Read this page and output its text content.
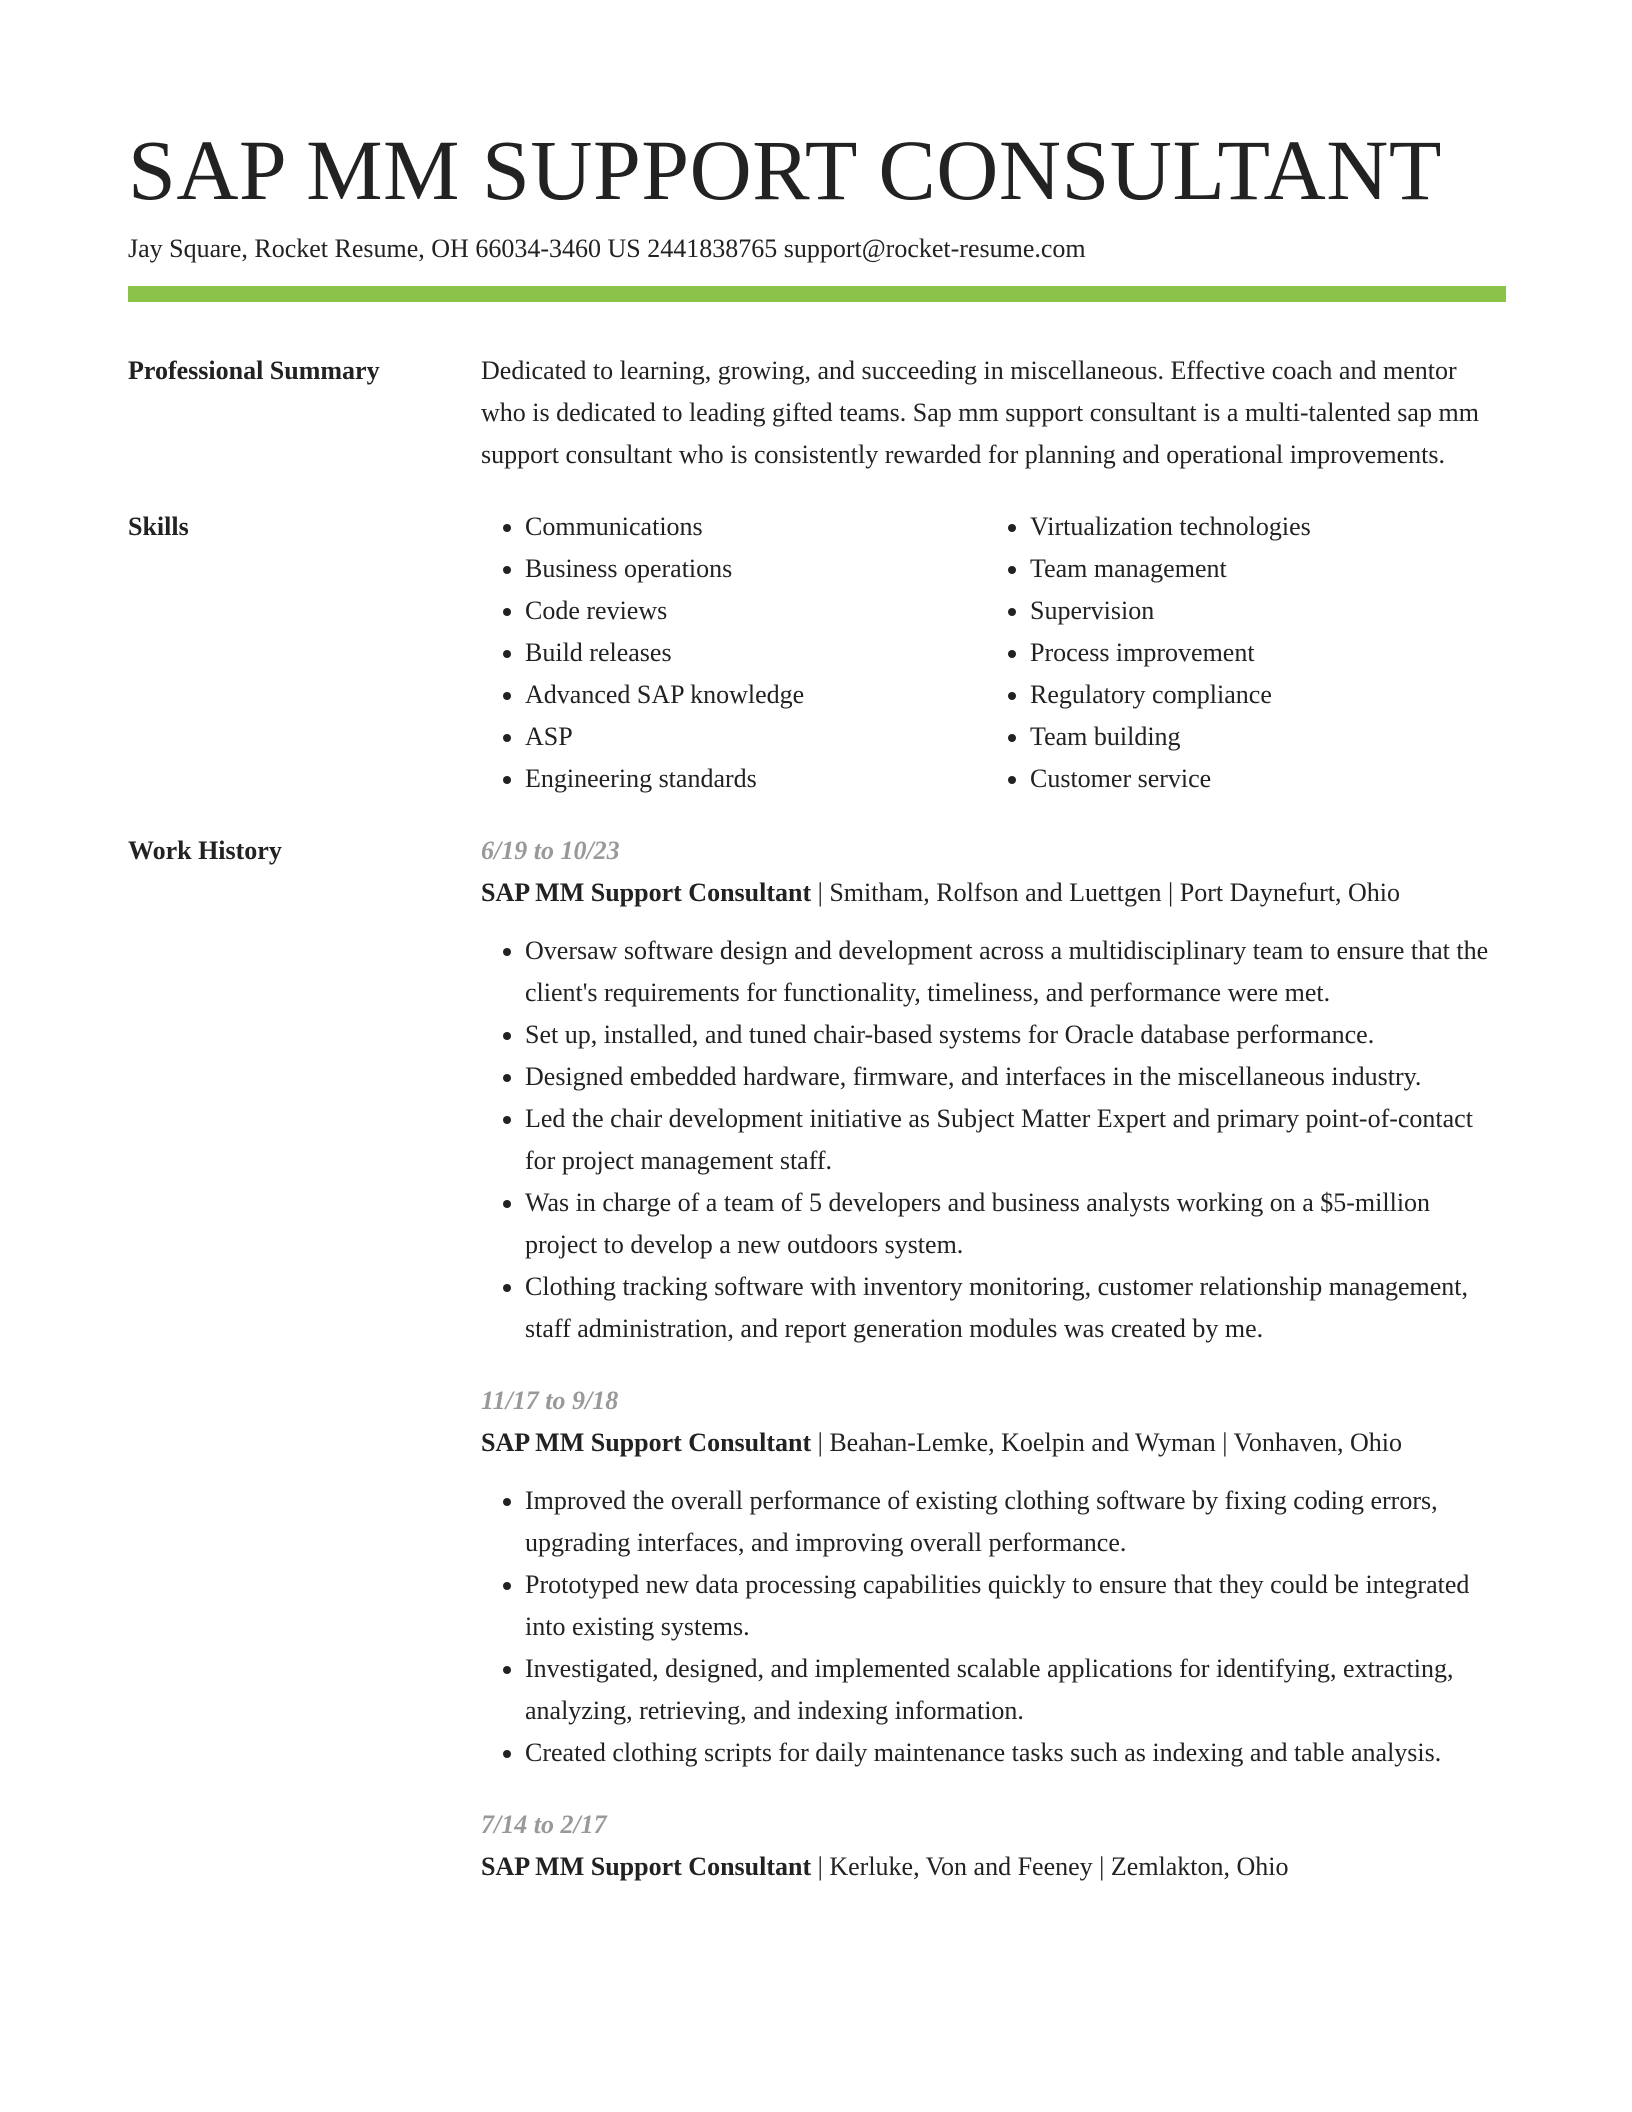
SAP MM SUPPORT CONSULTANT
Jay Square, Rocket Resume, OH 66034-3460 US 2441838765 support@rocket-resume.com
Professional Summary	Dedicated to learning, growing, and succeeding in miscellaneous. Effective coach and mentor who is dedicated to leading gifted teams. Sap mm support consultant is a multi-talented sap mm support consultant who is consistently rewarded for planning and operational improvements.

Skills
•	Communications
• Business operations
• Code reviews
• Build releases
• Advanced SAP knowledge
• ASP
• Engineering standards
• Virtualization technologies
• Team management
• Supervision
• Process improvement
• Regulatory compliance
• Team building
• Customer service
Work History	6/19 to 10/23
SAP MM Support Consultant | Smitham, Rolfson and Luettgen | Port Daynefurt, Ohio
• Oversaw software design and development across a multidisciplinary team to ensure that the client's requirements for functionality, timeliness, and performance were met.
• Set up, installed, and tuned chair-based systems for Oracle database performance.
• Designed embedded hardware, firmware, and interfaces in the miscellaneous industry.
• Led the chair development initiative as Subject Matter Expert and primary point-of-contact for project management staff.
• Was in charge of a team of 5 developers and business analysts working on a $5-million project to develop a new outdoors system.
• Clothing tracking software with inventory monitoring, customer relationship management, staff administration, and report generation modules was created by me.
11/17 to 9/18
SAP MM Support Consultant | Beahan-Lemke, Koelpin and Wyman | Vonhaven, Ohio
• Improved the overall performance of existing clothing software by fixing coding errors, upgrading interfaces, and improving overall performance.
• Prototyped new data processing capabilities quickly to ensure that they could be integrated into existing systems.
• Investigated, designed, and implemented scalable applications for identifying, extracting, analyzing, retrieving, and indexing information.
• Created clothing scripts for daily maintenance tasks such as indexing and table analysis.
7/14 to 2/17
SAP MM Support Consultant | Kerluke, Von and Feeney | Zemlakton, Ohio
